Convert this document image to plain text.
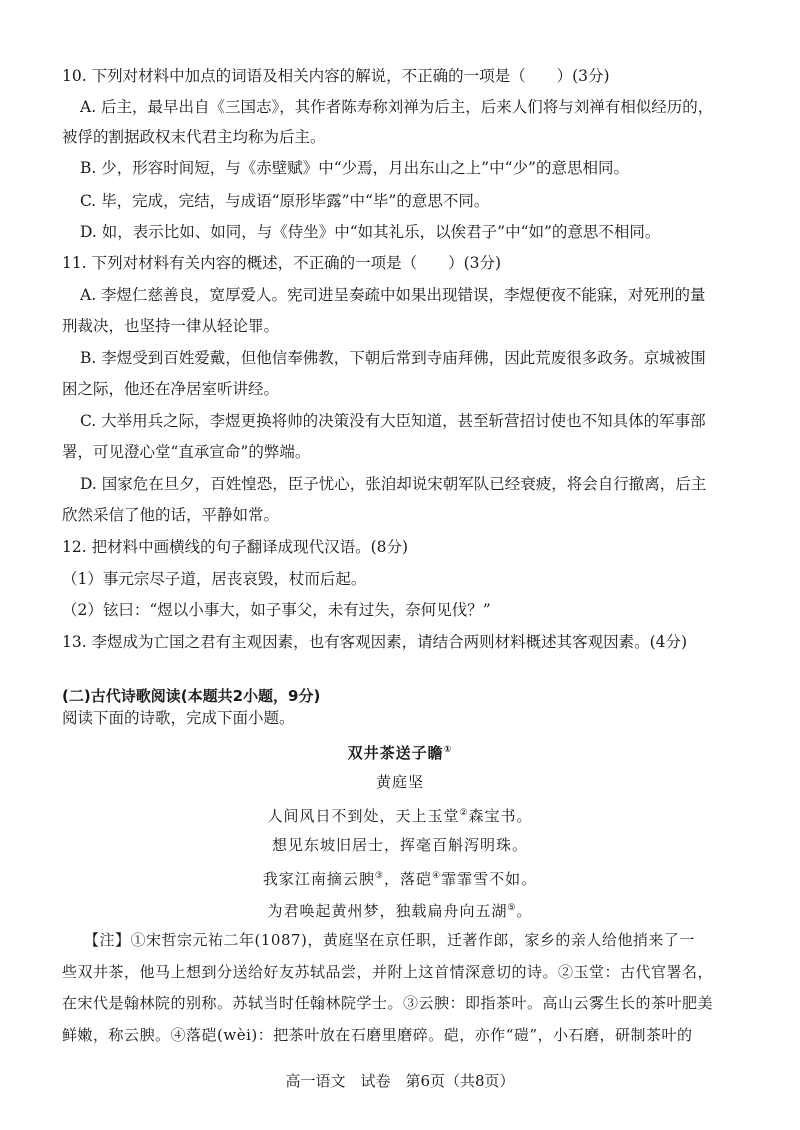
10. 下列对材料中加点的词语及相关内容的解说，不正确的一项是（　　）(3分)
A. 后主，最早出自《三国志》，其作者陈寿称刘禅为后主，后来人们将与刘禅有相似经历的，
被俘的割据政权末代君主均称为后主。
B. 少，形容时间短，与《赤壁赋》中“少焉，月出东山之上”中“少”的意思相同。
C. 毕，完成，完结，与成语“原形毕露”中“毕”的意思不同。
D. 如，表示比如、如同，与《侍坐》中“如其礼乐，以俟君子”中“如”的意思不相同。
11. 下列对材料有关内容的概述，不正确的一项是（　　）(3分)
A. 李煜仁慈善良，宽厚爱人。宪司进呈奏疏中如果出现错误，李煜便夜不能寐，对死刑的量
刑裁决，也坚持一律从轻论罪。
B. 李煜受到百姓爱戴，但他信奉佛教，下朝后常到寺庙拜佛，因此荒废很多政务。京城被围
困之际，他还在净居室听讲经。
C. 大举用兵之际，李煜更换将帅的决策没有大臣知道，甚至斩营招讨使也不知具体的军事部
署，可见澄心堂“直承宣命”的弊端。
D. 国家危在旦夕，百姓惶恐，臣子忧心，张洎却说宋朝军队已经衰疲，将会自行撤离，后主
欣然采信了他的话，平静如常。
12. 把材料中画横线的句子翻译成现代汉语。(8分)
（1）事元宗尽子道，居丧哀毁，杖而后起。
（2）铉曰：“煜以小事大，如子事父，未有过失，奈何见伐？”
13. 李煜成为亡国之君有主观因素，也有客观因素，请结合两则材料概述其客观因素。(4分)
(二)古代诗歌阅读(本题共2小题，9分)
阅读下面的诗歌，完成下面小题。
双井茶送子瞻①
黄庭坚
人间风日不到处，天上玉堂②森宝书。
想见东坡旧居士，挥毫百斛泻明珠。
我家江南摘云腴③，落硙④霏霏雪不如。
为君唤起黄州梦，独载扁舟向五湖⑤。
【注】①宋哲宗元祐二年(1087)，黄庭坚在京任职，迁著作郎，家乡的亲人给他捎来了一
些双井茶，他马上想到分送给好友苏轼品尝，并附上这首情深意切的诗。②玉堂：古代官署名，
在宋代是翰林院的别称。苏轼当时任翰林院学士。③云腴：即指茶叶。高山云雾生长的茶叶肥美
鲜嫩，称云腴。④落硙(wèi)：把茶叶放在石磨里磨碎。硙，亦作“磑”，小石磨，研制茶叶的
高一语文　试卷　第6页（共8页）
